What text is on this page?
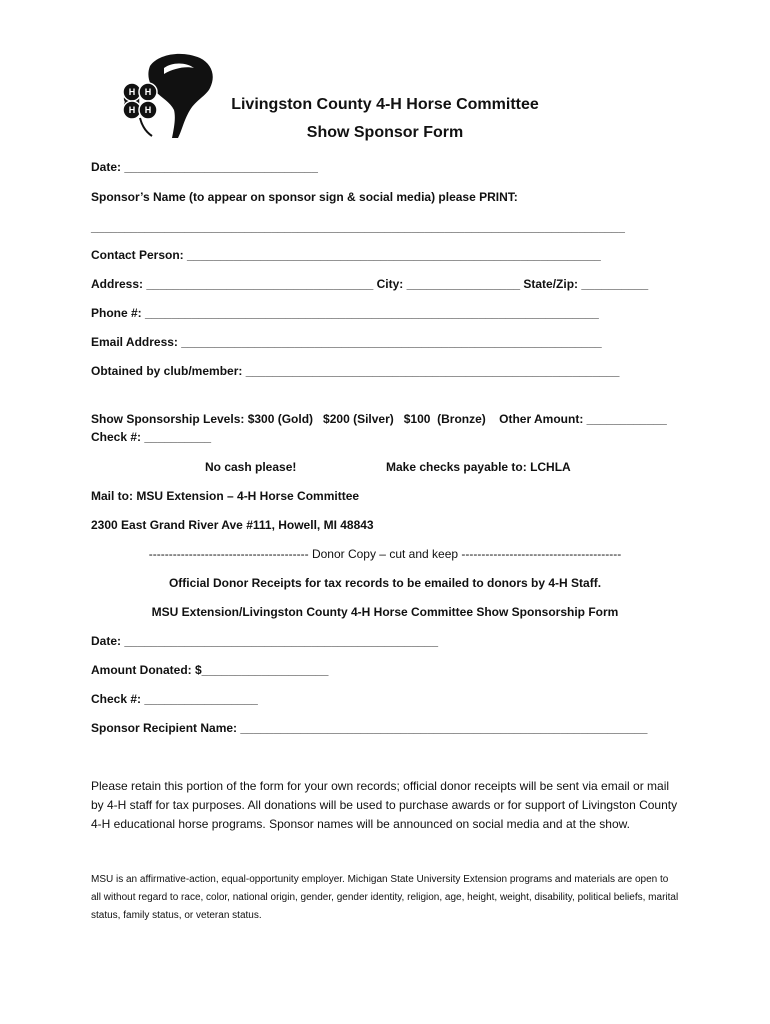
H H
H H	Livingston County 4-H Horse Committee
Show Sponsor Form
Date: _____________________________
Sponsor’s Name (to appear on sponsor sign & social media) please PRINT:
________________________________________________________________________________
Contact Person: ______________________________________________________________
Address: __________________________________ City: _________________ State/Zip: __________
Phone #: ____________________________________________________________________
Email Address: _______________________________________________________________
Obtained by club/member: ________________________________________________________
Show Sponsorship Levels: $300 (Gold)   $200 (Silver)   $100  (Bronze)    Other Amount: ____________
Check #: __________
No cash please!	Make checks payable to: LCHLA
Mail to: MSU Extension – 4-H Horse Committee
2300 East Grand River Ave #111, Howell, MI 48843
---------------------------------------- Donor Copy – cut and keep ----------------------------------------
Official Donor Receipts for tax records to be emailed to donors by 4-H Staff.
MSU Extension/Livingston County 4-H Horse Committee Show Sponsorship Form
Date: _______________________________________________
Amount Donated: $___________________
Check #: _________________
Sponsor Recipient Name: _____________________________________________________________
Please retain this portion of the form for your own records; official donor receipts will be sent via email or mail by 4-H staff for tax purposes. All donations will be used to purchase awards or for support of Livingston County 4-H educational horse programs. Sponsor names will be announced on social media and at the show.
MSU is an affirmative-action, equal-opportunity employer. Michigan State University Extension programs and materials are open to all without regard to race, color, national origin, gender, gender identity, religion, age, height, weight, disability, political beliefs, marital status, family status, or veteran status.
